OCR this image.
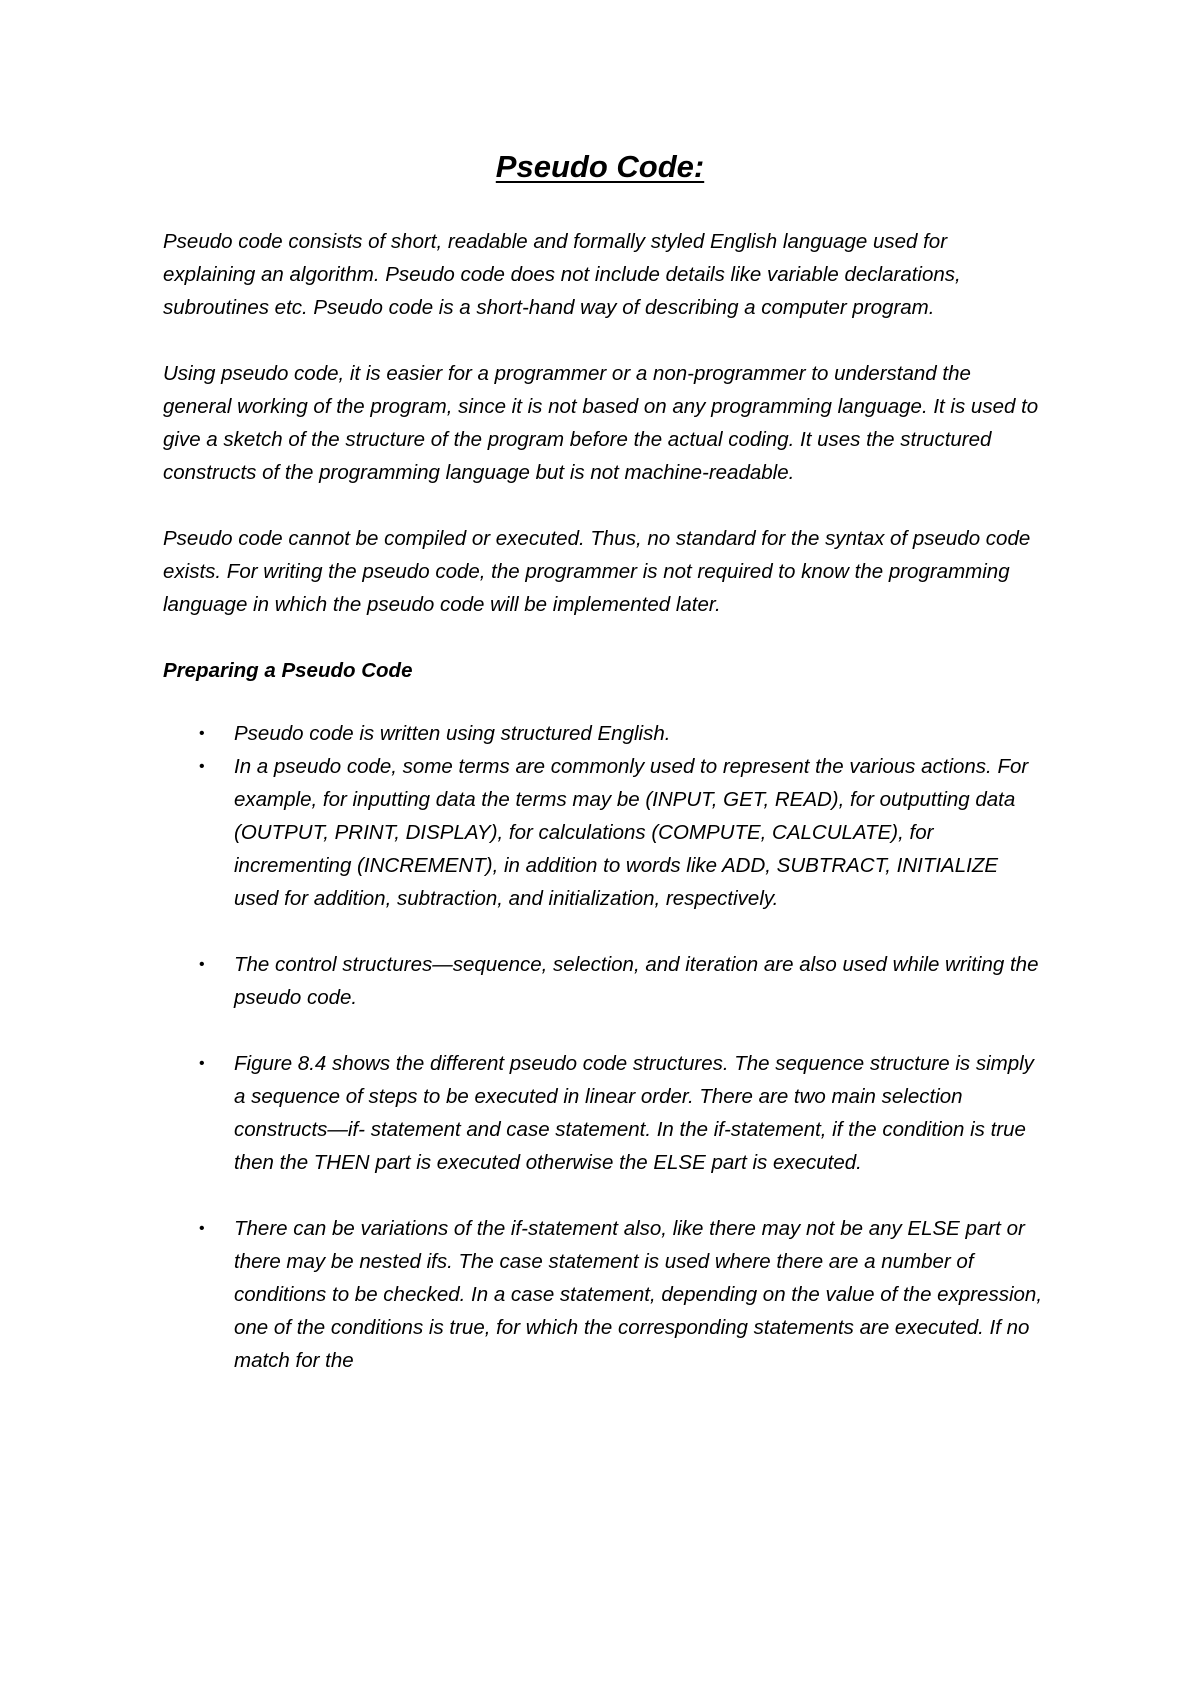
Pseudo Code:

Pseudo code consists of short, readable and formally styled English language used for explaining an algorithm. Pseudo code does not include details like variable declarations, subroutines etc. Pseudo code is a short-hand way of describing a computer program.

Using pseudo code, it is easier for a programmer or a non-programmer to understand the general working of the program, since it is not based on any programming language. It is used to give a sketch of the structure of the program before the actual coding. It uses the structured constructs of the programming language but is not machine-readable.

Pseudo code cannot be compiled or executed. Thus, no standard for the syntax of pseudo code exists. For writing the pseudo code, the programmer is not required to know the programming language in which the pseudo code will be implemented later.

Preparing a Pseudo Code

• Pseudo code is written using structured English.
• In a pseudo code, some terms are commonly used to represent the various actions. For example, for inputting data the terms may be (INPUT, GET, READ), for outputting data (OUTPUT, PRINT, DISPLAY), for calculations (COMPUTE, CALCULATE), for incrementing (INCREMENT), in addition to words like ADD, SUBTRACT, INITIALIZE used for addition, subtraction, and initialization, respectively.
• The control structures—sequence, selection, and iteration are also used while writing the pseudo code.
• Figure 8.4 shows the different pseudo code structures. The sequence structure is simply a sequence of steps to be executed in linear order. There are two main selection constructs—if- statement and case statement. In the if-statement, if the condition is true then the THEN part is executed otherwise the ELSE part is executed.
• There can be variations of the if-statement also, like there may not be any ELSE part or there may be nested ifs. The case statement is used where there are a number of conditions to be checked. In a case statement, depending on the value of the expression, one of the conditions is true, for which the corresponding statements are executed. If no match for the
